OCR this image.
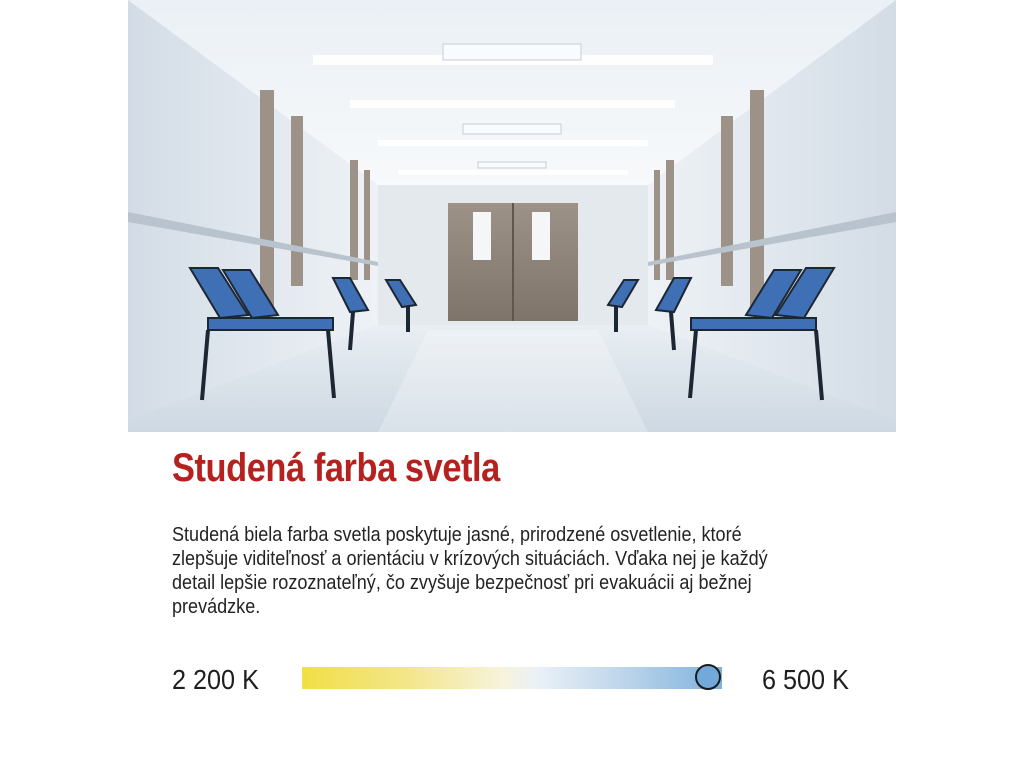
Studená farba svetla

Studená biela farba svetla poskytuje jasné, prirodzené osvetlenie, ktoré zlepšuje viditeľnosť a orientáciu v krízových situáciách. Vďaka nej je každý detail lepšie rozoznateľný, čo zvyšuje bezpečnosť pri evakuácii aj bežnej prevádzke.

2 200 K	6 500 K
